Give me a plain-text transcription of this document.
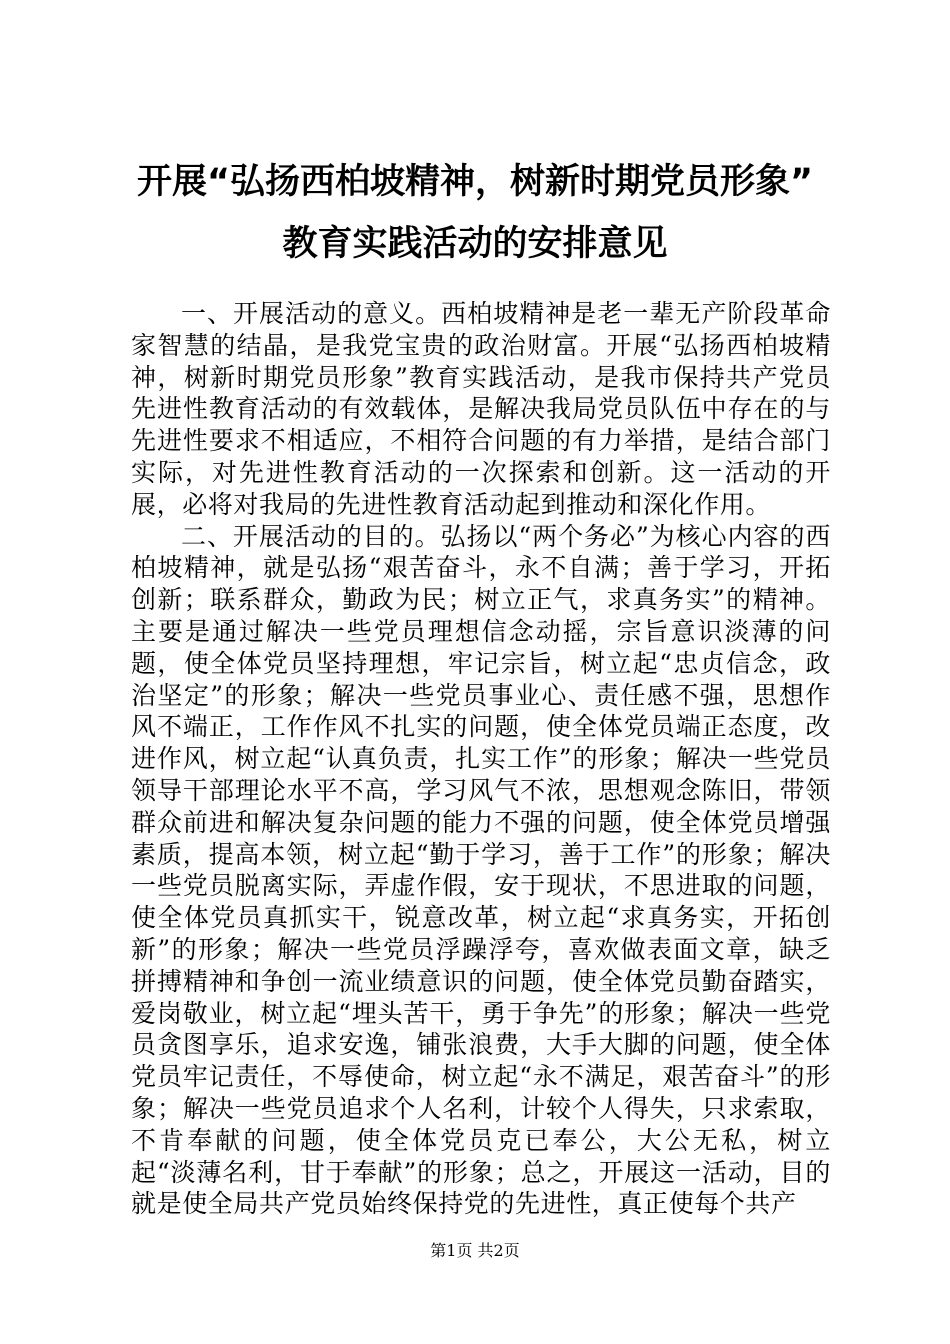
开展“弘扬西柏坡精神，树新时期党员形象”
教育实践活动的安排意见

一、开展活动的意义。西柏坡精神是老一辈无产阶段革命家智慧的结晶，是我党宝贵的政治财富。开展“弘扬西柏坡精神，树新时期党员形象”教育实践活动，是我市保持共产党员先进性教育活动的有效载体，是解决我局党员队伍中存在的与先进性要求不相适应，不相符合问题的有力举措，是结合部门实际，对先进性教育活动的一次探索和创新。这一活动的开展，必将对我局的先进性教育活动起到推动和深化作用。

二、开展活动的目的。弘扬以“两个务必”为核心内容的西柏坡精神，就是弘扬“艰苦奋斗，永不自满；善于学习，开拓创新；联系群众，勤政为民；树立正气，求真务实”的精神。主要是通过解决一些党员理想信念动摇，宗旨意识淡薄的问题，使全体党员坚持理想，牢记宗旨，树立起“忠贞信念，政治坚定”的形象；解决一些党员事业心、责任感不强，思想作风不端正，工作作风不扎实的问题，使全体党员端正态度，改进作风，树立起“认真负责，扎实工作”的形象；解决一些党员领导干部理论水平不高，学习风气不浓，思想观念陈旧，带领群众前进和解决复杂问题的能力不强的问题，使全体党员增强素质，提高本领，树立起“勤于学习，善于工作”的形象；解决一些党员脱离实际，弄虚作假，安于现状，不思进取的问题，使全体党员真抓实干，锐意改革，树立起“求真务实，开拓创新”的形象；解决一些党员浮躁浮夸，喜欢做表面文章，缺乏拼搏精神和争创一流业绩意识的问题，使全体党员勤奋踏实，爱岗敬业，树立起“埋头苦干，勇于争先”的形象；解决一些党员贪图享乐，追求安逸，铺张浪费，大手大脚的问题，使全体党员牢记责任，不辱使命，树立起“永不满足，艰苦奋斗”的形象；解决一些党员追求个人名利，计较个人得失，只求索取，不肯奉献的问题，使全体党员克已奉公，大公无私，树立起“淡薄名利，甘于奉献”的形象；总之，开展这一活动，目的就是使全局共产党员始终保持党的先进性，真正使每个共产

第1页 共2页
